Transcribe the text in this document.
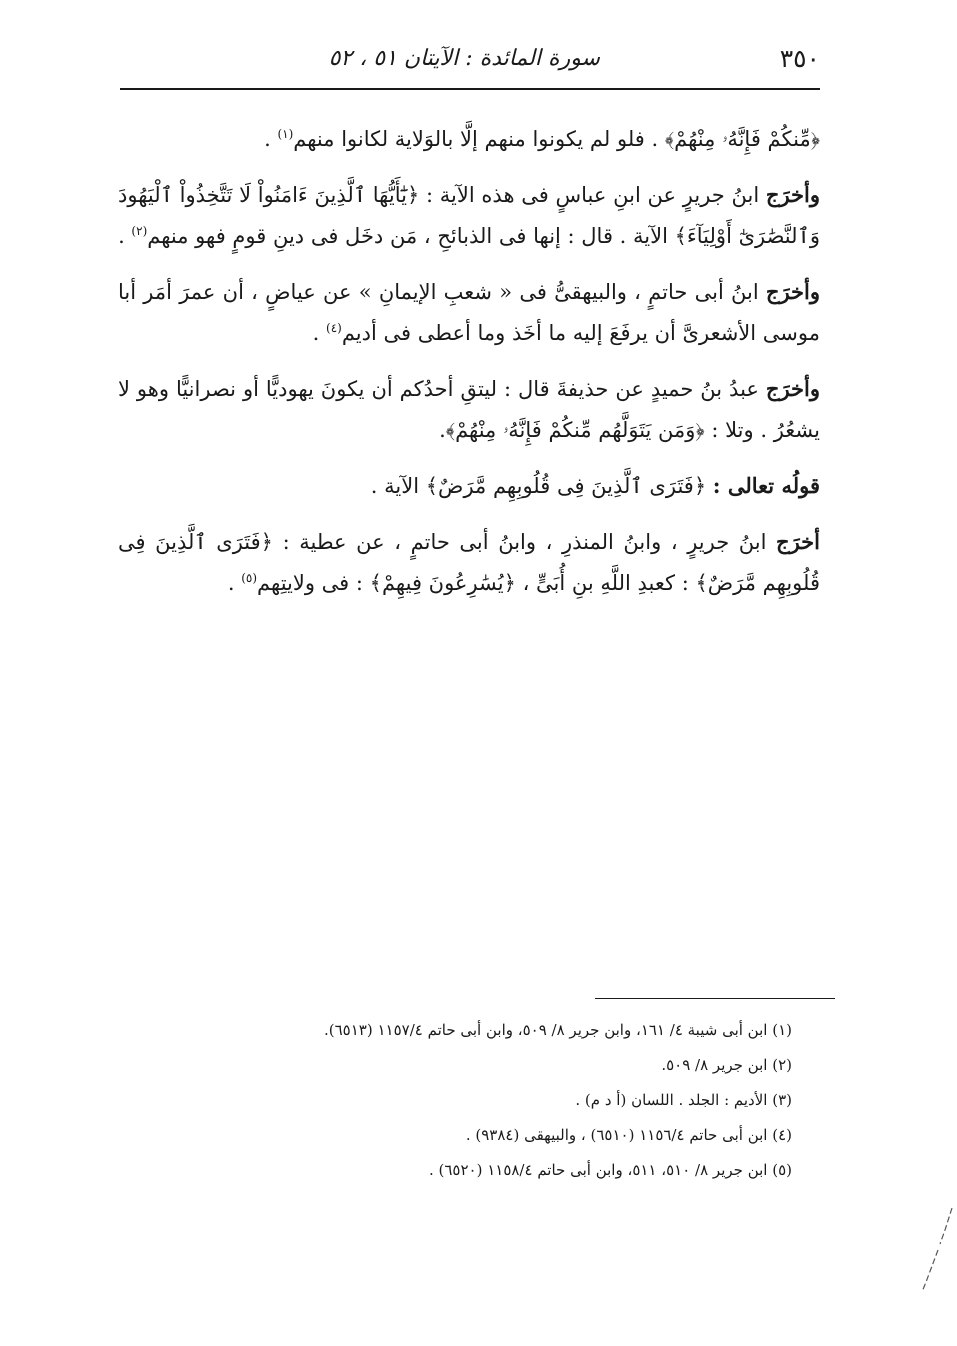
٣٥٠
سورة المائدة : الآيتان ٥١ ، ٥٢

﴿مِّنكُمْ فَإِنَّهُۥ مِنْهُمْ﴾ . فلو لم يكونوا منهم إلَّا بالوَلاية لكانوا منهم$^{(١)}$ .

وأخرَج ابنُ جريرٍ عن ابنِ عباسٍ فى هذه الآية : ﴿يَٰٓأَيُّهَا ٱلَّذِينَ ءَامَنُواْ لَا تَتَّخِذُواْ ٱلْيَهُودَ وَٱلنَّصَٰرَىٰٓ أَوْلِيَآءَ﴾ الآية . قال : إنها فى الذبائحِ ، مَن دخَل فى دينِ قومٍ فهو منهم$^{(٢)}$ .

وأخرَج ابنُ أبى حاتمٍ ، والبيهقىُّ فى « شعبِ الإيمانِ » عن عياضٍ ، أن عمرَ أمَر أبا موسى الأشعرىَّ أن يرفَعَ إليه ما أخَذ وما أعطى فى أديم$^{(٤)}$ .

وأخرَج عبدُ بنُ حميدٍ عن حذيفةَ قال : ليتقِ أحدُكم أن يكونَ يهوديًّا أو نصرانيًّا وهو لا يشعُرُ . وتلا : ﴿وَمَن يَتَوَلَّهُم مِّنكُمْ فَإِنَّهُۥ مِنْهُمْ﴾.

قولُه تعالى : ﴿فَتَرَى ٱلَّذِينَ فِى قُلُوبِهِم مَّرَضٌ﴾ الآية .

أخرَج ابنُ جريرٍ ، وابنُ المنذرِ ، وابنُ أبى حاتمٍ ، عن عطية : ﴿فَتَرَى ٱلَّذِينَ فِى قُلُوبِهِم مَّرَضٌ﴾ : كعبدِ اللَّهِ بنِ أُبَىٍّ ، ﴿يُسَٰرِعُونَ فِيهِمْ﴾ : فى ولايتِهم$^{(٥)}$ .

(١) ابن أبى شيبة ٤/ ١٦١، وابن جرير ٨/ ٥٠٩، وابن أبى حاتم ١١٥٧/٤ (٦٥١٣).

(٢) ابن جرير ٨/ ٥٠٩.

(٣) الأديم : الجلد . اللسان (أ د م) .

(٤) ابن أبى حاتم ١١٥٦/٤ (٦٥١٠) ، والبيهقى (٩٣٨٤) .

(٥) ابن جرير ٨/ ٥١٠، ٥١١، وابن أبى حاتم ١١٥٨/٤ (٦٥٢٠) .
